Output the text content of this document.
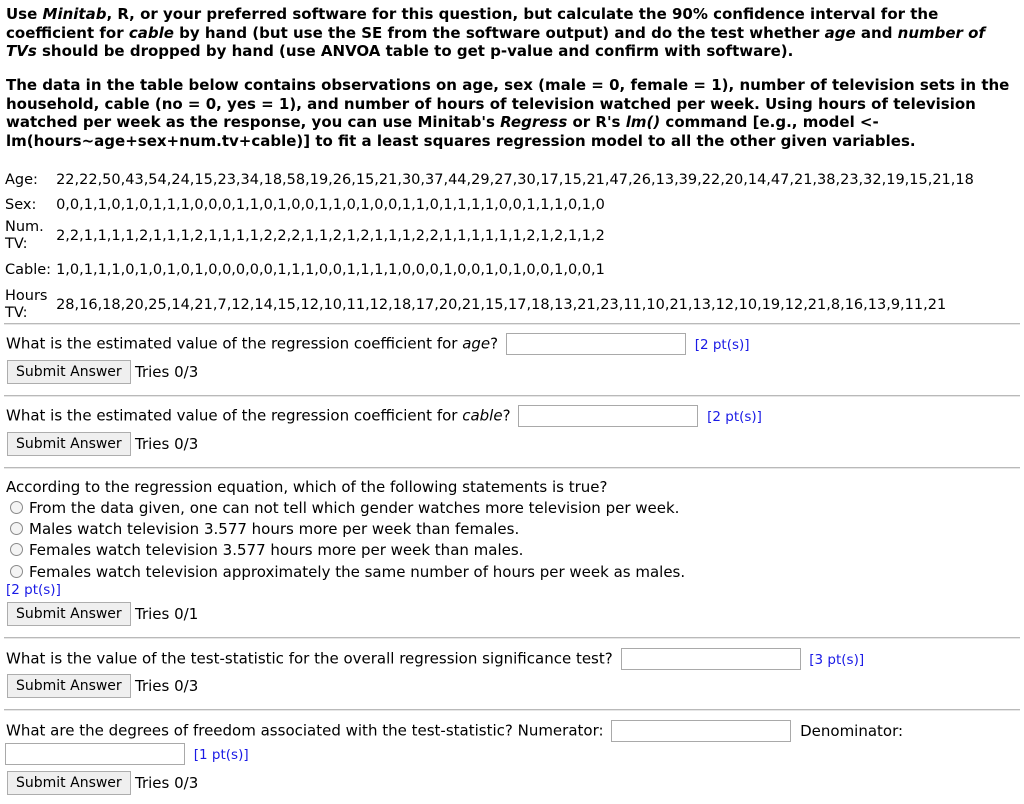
Use Minitab, R, or your preferred software for this question, but calculate the 90% confidence interval for the coefficient for cable by hand (but use the SE from the software output) and do the test whether age and number of TVs should be dropped by hand (use ANVOA table to get p-value and confirm with software).
The data in the table below contains observations on age, sex (male = 0, female = 1), number of television sets in the household, cable (no = 0, yes = 1), and number of hours of television watched per week. Using hours of television watched per week as the response, you can use Minitab's Regress or R's lm() command [e.g., model <- lm(hours~age+sex+num.tv+cable)] to fit a least squares regression model to all the other given variables.
Age:	22,22,50,43,54,24,15,23,34,18,58,19,26,15,21,30,37,44,29,27,30,17,15,21,47,26,13,39,22,20,14,47,21,38,23,32,19,15,21,18
Sex:	0,0,1,1,0,1,0,1,1,1,0,0,0,1,1,0,1,0,0,1,1,0,1,0,0,1,1,0,1,1,1,1,0,0,1,1,1,0,1,0
Num. TV:	2,2,1,1,1,1,2,1,1,1,2,1,1,1,1,2,2,2,1,1,2,1,2,1,1,1,2,2,1,1,1,1,1,1,2,1,2,1,1,2
Cable:	1,0,1,1,1,0,1,0,1,0,1,0,0,0,0,0,1,1,1,0,0,1,1,1,1,0,0,0,1,0,0,1,0,1,0,0,1,0,0,1
Hours TV:	28,16,18,20,25,14,21,7,12,14,15,12,10,11,12,18,17,20,21,15,17,18,13,21,23,11,10,21,13,12,10,19,12,21,8,16,13,9,11,21
What is the estimated value of the regression coefficient for age?	[2 pt(s)]
Submit Answer Tries 0/3
What is the estimated value of the regression coefficient for cable?	[2 pt(s)]
Submit Answer Tries 0/3
According to the regression equation, which of the following statements is true?
From the data given, one can not tell which gender watches more television per week.
Males watch television 3.577 hours more per week than females.
Females watch television 3.577 hours more per week than males.
Females watch television approximately the same number of hours per week as males.
[2 pt(s)]
Submit Answer Tries 0/1
What is the value of the test-statistic for the overall regression significance test?	[3 pt(s)]
Submit Answer Tries 0/3
What are the degrees of freedom associated with the test-statistic? Numerator:	Denominator:
[1 pt(s)]
Submit Answer Tries 0/3
